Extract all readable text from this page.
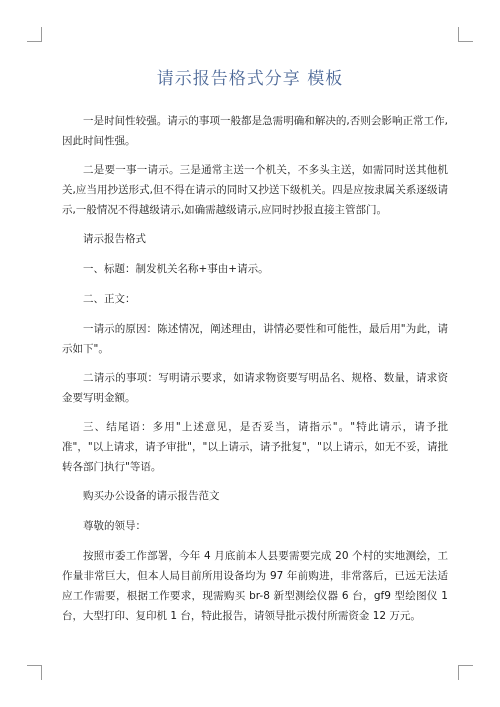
请示报告格式分享 模板

一是时间性较强。请示的事项一般都是急需明确和解决的,否则会影响正常工作,因此时间性强。

二是要一事一请示。三是通常主送一个机关，不多头主送，如需同时送其他机关,应当用抄送形式,但不得在请示的同时又抄送下级机关。四是应按隶属关系逐级请示,一般情况不得越级请示,如确需越级请示,应同时抄报直接主管部门。

请示报告格式

一、标题：制发机关名称+事由+请示。

二、正文：

一请示的原因：陈述情况，阐述理由，讲情必要性和可能性，最后用"为此，请示如下"。

二请示的事项：写明请示要求，如请求物资要写明品名、规格、数量，请求资金要写明金额。

三、结尾语：多用"上述意见，是否妥当，请指示"。"特此请示，请予批准"，"以上请求，请予审批"，"以上请示，请予批复"，"以上请示，如无不妥，请批转各部门执行"等语。

购买办公设备的请示报告范文

尊敬的领导：

按照市委工作部署，今年 4 月底前本人县要需要完成 20 个村的实地测绘，工作量非常巨大，但本人局目前所用设备均为 97 年前购进，非常落后，已远无法适应工作需要，根据工作要求，现需购买 br-8 新型测绘仪器 6 台，gf9 型绘图仪 1 台，大型打印、复印机 1 台，特此报告，请领导批示拨付所需资金 12 万元。
